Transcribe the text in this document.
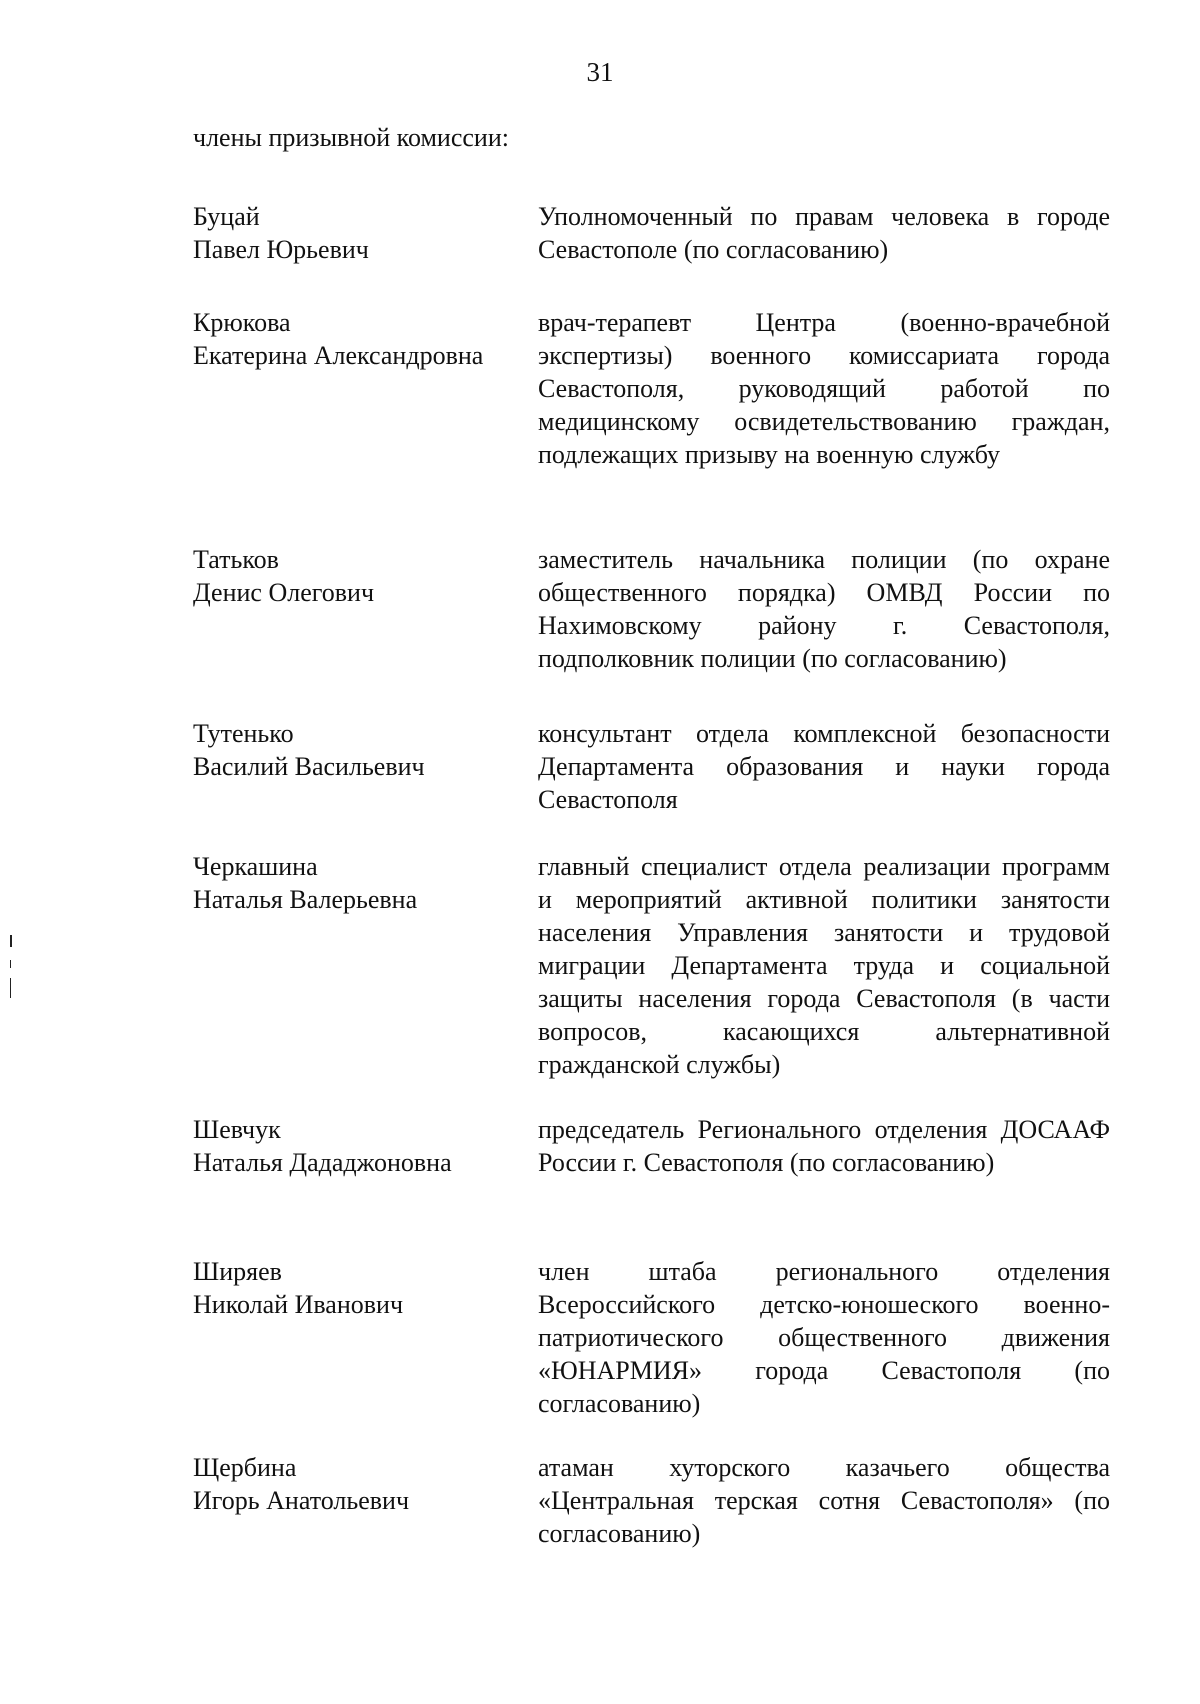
31
члены призывной комиссии:
Буцай
Павел Юрьевич
Уполномоченный по правам человека в городе Севастополе (по согласованию)
Крюкова
Екатерина Александровна
врач-терапевт Центра (военно-врачебной экспертизы) военного комиссариата города Севастополя, руководящий работой по медицинскому освидетельствованию граждан, подлежащих призыву на военную службу
Татьков
Денис Олегович
заместитель начальника полиции (по охране общественного порядка) ОМВД России по Нахимовскому району г. Севастополя, подполковник полиции (по согласованию)
Тутенько
Василий Васильевич
консультант отдела комплексной безопасности Департамента образования и науки города Севастополя
Черкашина
Наталья Валерьевна
главный специалист отдела реализации программ и мероприятий активной политики занятости населения Управления занятости и трудовой миграции Департамента труда и социальной защиты населения города Севастополя (в части вопросов, касающихся альтернативной гражданской службы)
Шевчук
Наталья Дададжоновна
председатель Регионального отделения ДОСААФ России г. Севастополя (по согласованию)
Ширяев
Николай Иванович
член штаба регионального отделения Всероссийского детско-юношеского военно-патриотического общественного движения «ЮНАРМИЯ» города Севастополя (по согласованию)
Щербина
Игорь Анатольевич
атаман хуторского казачьего общества «Центральная терская сотня Севастополя» (по согласованию)
